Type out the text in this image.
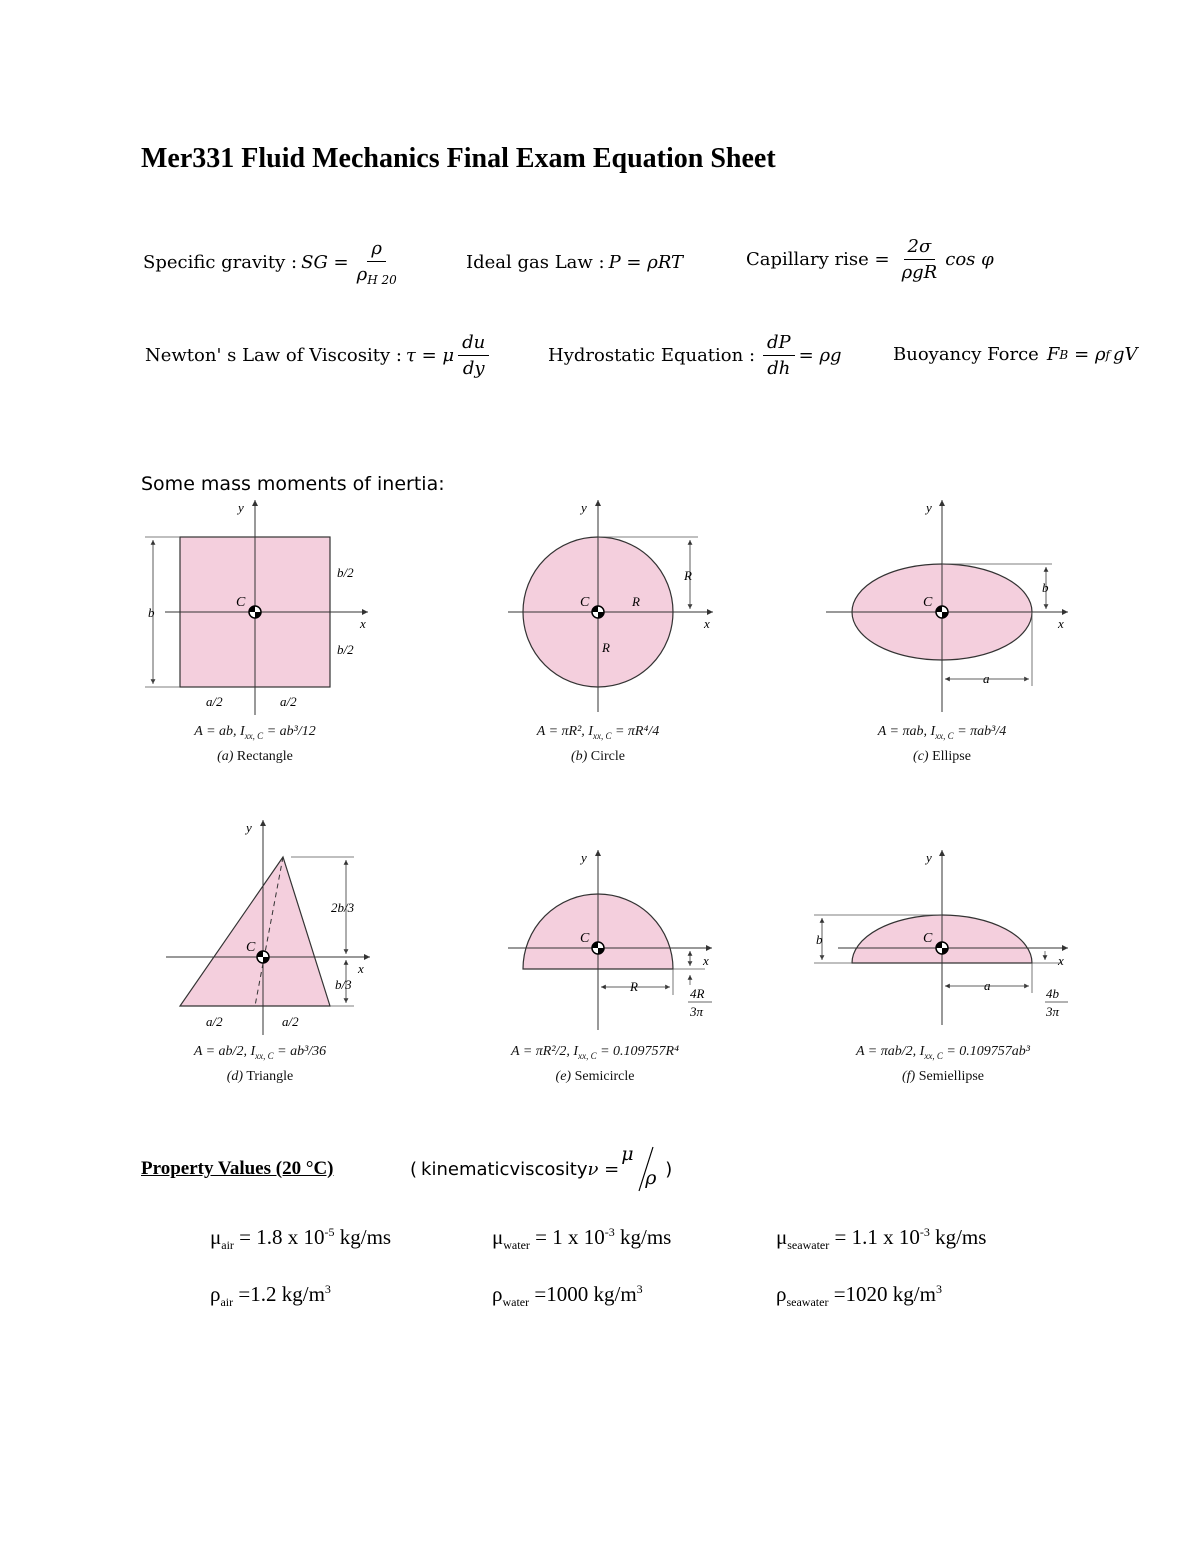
Mer331 Fluid Mechanics Final Exam Equation Sheet
Specific gravity : SG = $\frac{\rho}{\rho_{H 20}}$	Ideal gas Law : P = ρRT	Capillary rise = $\frac{2\sigma}{\text{ρgR}}$ cos φ
Newton' s Law of Viscosity : τ = μ $\frac{du}{dy}$	Hydrostatic Equation : $\frac{dP}{dh} = \rho g$	Buoyancy Force F B = ρ f gV
Some mass moments of inertia:
y
x
C
b
b/2
b/2
a/2	a/2
y
x
C	R
R
R
y
x
C
b
a
y
x
C
2b/3
b/3
a/2	a/2
y
x
C
R	4R
3π
y
x
C
b
a
4b
3π
A = ab, $I_{xx, C} = ab^3/12$
(a) Rectangle
A = πR², $I_{xx, C} = \pi R^4/4$
(b) Circle
A = πab, $I_{xx, C} = \pi ab^3/4$
(c) Ellipse
A = ab/2, $I_{xx, C} = ab^3/36$
(d) Triangle
A = πR²/2, $I_{xx, C} = 0.109757R^4$
(e) Semicircle
A = πab/2, $I_{xx, C} = 0.109757ab^3$
(f) Semiellipse
Property Values (20 °C)	( kinematicviscosity ν =
μ
ρ )
$\mu_{air} = 1.8$ x $10^{-5}$ kg/ms	$\mu_{water} = 1$ x $10^{-3}$ kg/ms	$\mu_{seawater} = 1.1$ x $10^{-3}$ kg/ms
$\rho_{air} =1.2$ $kg/m^3$	$\rho_{water} =1000$ $kg/m^3$	$\rho_{seawater} =1020$ $kg/m^3$
